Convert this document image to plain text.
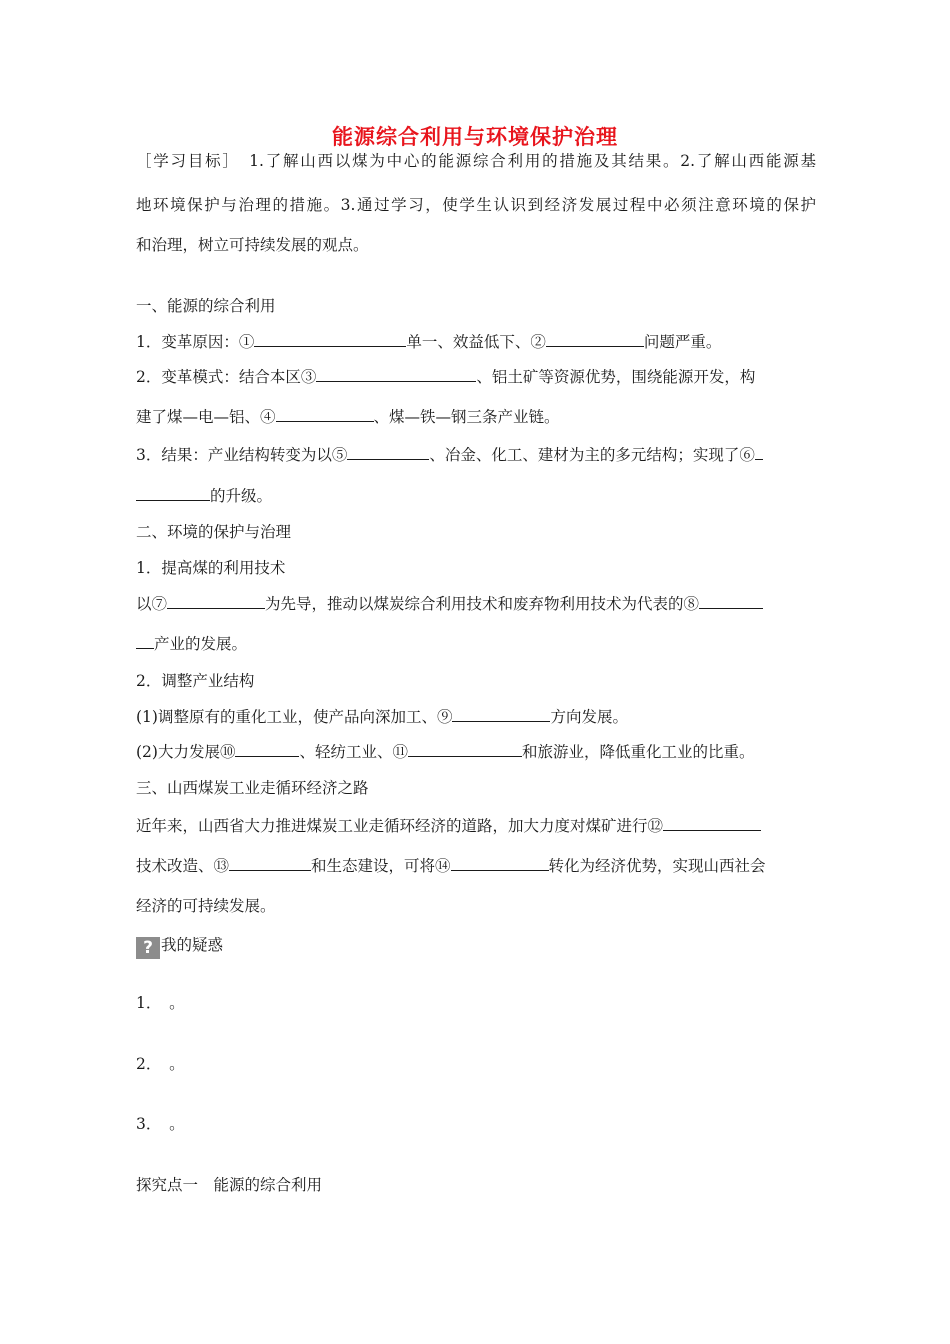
能源综合利用与环境保护治理
［学习目标］　1.了解山西以煤为中心的能源综合利用的措施及其结果。2.了解山西能源基
地环境保护与治理的措施。3.通过学习，使学生认识到经济发展过程中必须注意环境的保护
和治理，树立可持续发展的观点。
一、能源的综合利用
1．变革原因：①	单一、效益低下、②	问题严重。
2．变革模式：结合本区③	、铝土矿等资源优势，围绕能源开发，构
建了煤—电—铝、④	、煤—铁—钢三条产业链。
3．结果：产业结构转变为以⑤	、冶金、化工、建材为主的多元结构；实现了⑥
的升级。
二、环境的保护与治理
1．提高煤的利用技术
以⑦	为先导，推动以煤炭综合利用技术和废弃物利用技术为代表的⑧
产业的发展。
2．调整产业结构
(1)调整原有的重化工业，使产品向深加工、⑨	方向发展。
(2)大力发展⑩	、轻纺工业、⑪	和旅游业，降低重化工业的比重。
三、山西煤炭工业走循环经济之路
近年来，山西省大力推进煤炭工业走循环经济的道路，加大力度对煤矿进行⑫
技术改造、⑬	和生态建设，可将⑭	转化为经济优势，实现山西社会
经济的可持续发展。
? 我的疑惑
1．　。
2．　。
3．　。
探究点一　能源的综合利用
